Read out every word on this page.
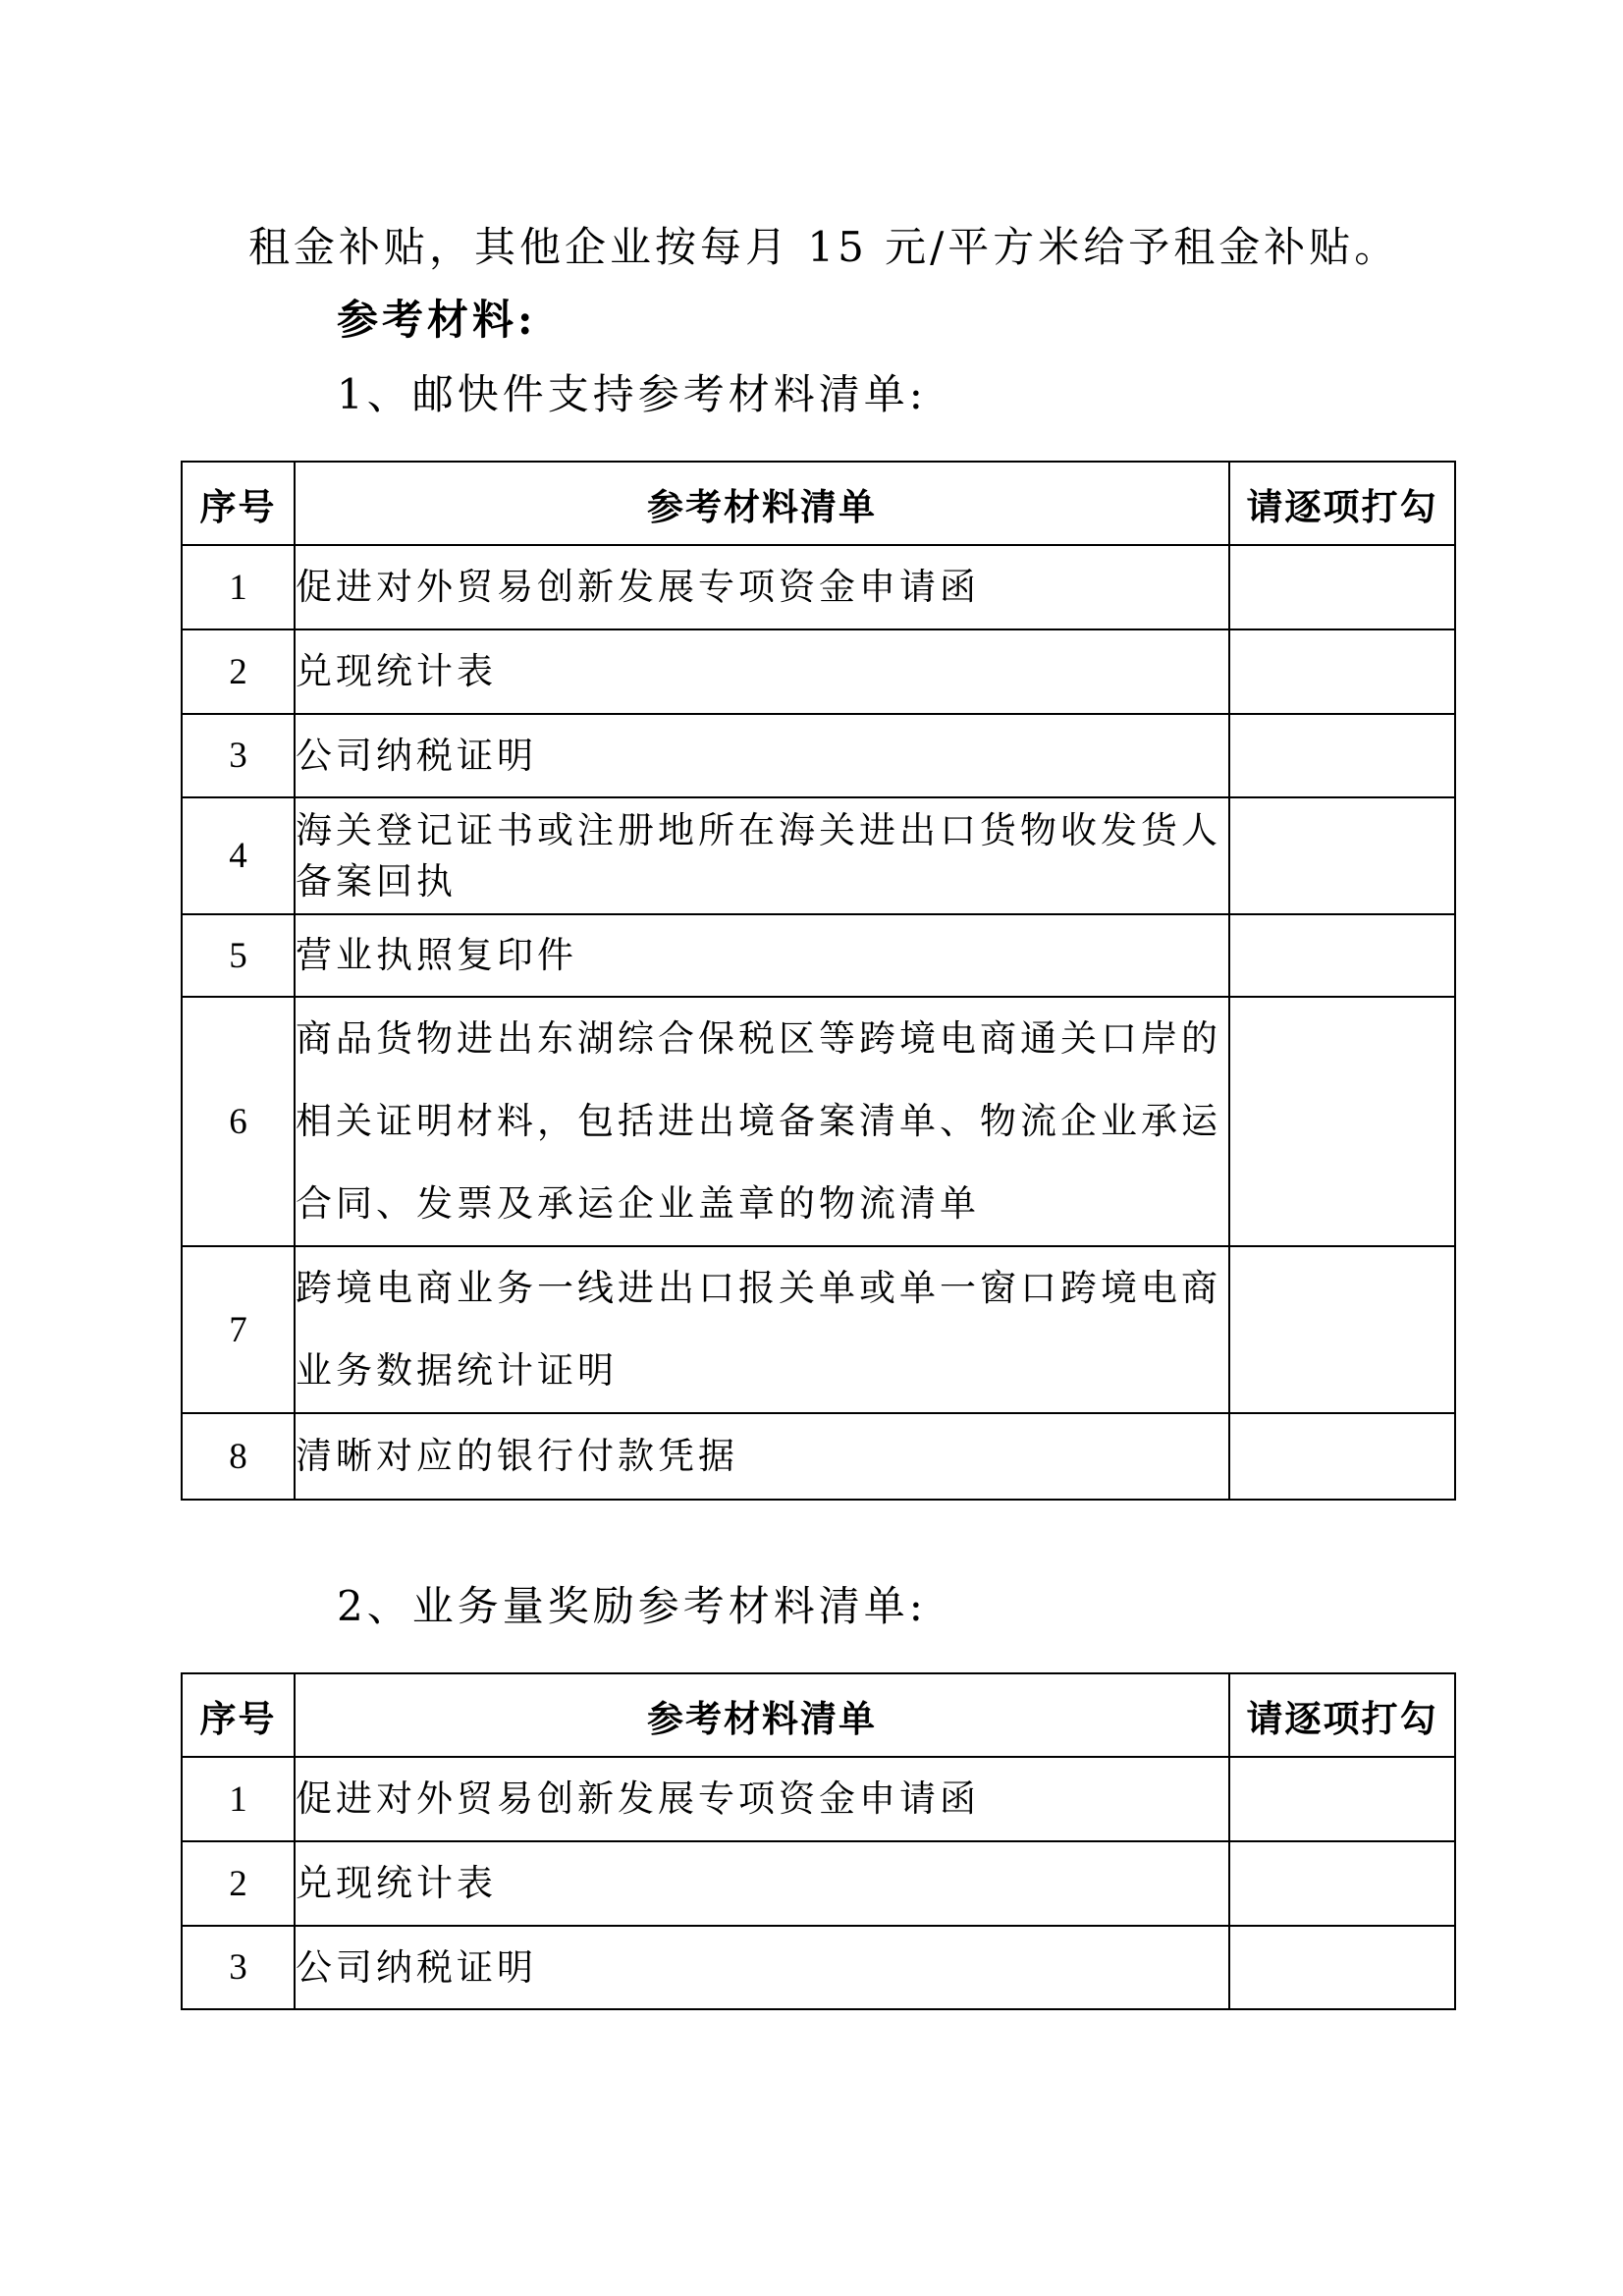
租金补贴，其他企业按每月 15 元/平方米给予租金补贴。
参考材料:
1、邮快件支持参考材料清单:
序号	参考材料清单	请逐项打勾
1	促进对外贸易创新发展专项资金申请函	
2	兑现统计表	
3	公司纳税证明	
4	海关登记证书或注册地所在海关进出口货物收发货人备案回执	
5	营业执照复印件	
6	商品货物进出东湖综合保税区等跨境电商通关口岸的相关证明材料，包括进出境备案清单、物流企业承运合同、发票及承运企业盖章的物流清单	
7	跨境电商业务一线进出口报关单或单一窗口跨境电商业务数据统计证明	
8	清晰对应的银行付款凭据	
2、业务量奖励参考材料清单:
序号	参考材料清单	请逐项打勾
1	促进对外贸易创新发展专项资金申请函	
2	兑现统计表	
3	公司纳税证明	
